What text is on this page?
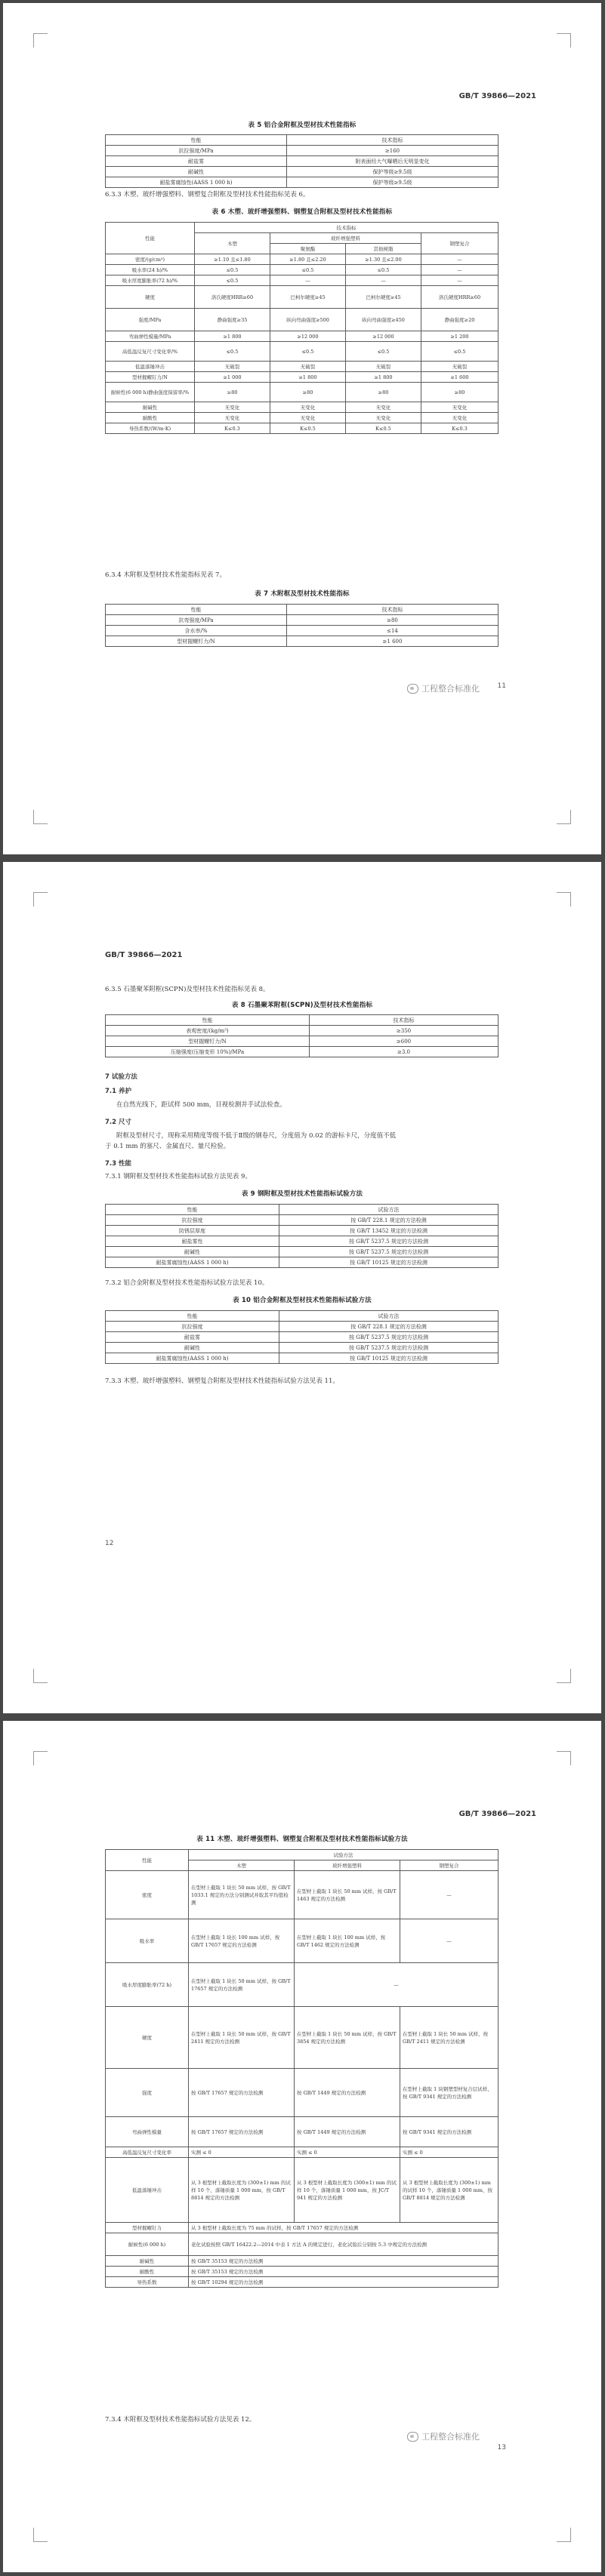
GB/T 39866—2021
表 5 铝合金附框及型材技术性能指标
性能	技术指标
抗拉强度/MPa	≥160
耐盐雾	附表面经大气曝晒后无明显变化
耐碱性	保护等级≥9.5级
耐盐雾腐蚀性(AASS 1 000 h)	保护等级≥9.5级
6.3.3 木塑、玻纤增强塑料、钢塑复合附框及型材技术性能指标见表 6。
表 6 木塑、玻纤增强塑料、钢塑复合附框及型材技术性能指标
性能	技术指标			
	木塑	玻纤增强塑料		钢塑复合
		聚氨酯	其他树脂	
密度/(g/cm³)	≥1.10 且≤1.80	≥1.80 且≤2.20	≥1.30 且≤2.00	—
吸水率(24 h)/%	≤0.5	≤0.5	≤0.5	—
吸水厚度膨胀率(72 h)/%	≤0.5	—	—	—
硬度	洛氏硬度HRR≥60	巴柯尔硬度≥45	巴柯尔硬度≥45	洛氏硬度HRR≥60
强度/MPa	静曲强度≥35	纵向弯曲强度≥500	纵向弯曲强度≥450	静曲强度≥20
弯曲弹性模量/MPa	≥1 800	≥12 000	≥12 000	≥1 200
高低温反复尺寸变化率/%	≤0.5	≤0.5	≤0.5	≤0.5
低温落锤冲击	无破裂	无破裂	无破裂	无破裂
型材握螺钉力/N	≥1 000	≥1 800	≥1 800	≥1 600
耐候性(6 000 h)静曲强度保留率/%	≥80	≥80	≥80	≥80
耐碱性	无变化	无变化	无变化	无变化
耐酸性	无变化	无变化	无变化	无变化
导热系数/(W/m·K)	K≤0.3	K≤0.5	K≤0.5	K≤0.3
6.3.4 木附框及型材技术性能指标见表 7。
表 7 木附框及型材技术性能指标
性能	技术指标
抗弯强度/MPa	≥80
含水率/%	≤14
型材握螺钉力/N	≥1 600
工程整合标准化	11
GB/T 39866—2021
6.3.5 石墨聚苯附框(SCPN)及型材技术性能指标见表 8。
表 8 石墨聚苯附框(SCPN)及型材技术性能指标
性能	技术指标
表观密度/(kg/m³)	≥350
型材握螺钉力/N	≥600
压缩强度(压缩变形 10%)/MPa	≥3.0
7 试验方法
7.1 养护
在自然光线下，距试样 500 mm，目视检测并手试法检查。
7.2 尺寸
附框及型材尺寸，现称采用精度等级不低于Ⅱ级的钢卷尺，分度值为 0.02 的游标卡尺，分度值不低
于 0.1 mm 的塞尺、金属直尺、量尺检验。
7.3 性能
7.3.1 钢附框及型材技术性能指标试验方法见表 9。
表 9 钢附框及型材技术性能指标试验方法
性能	试验方法
抗拉强度	按 GB/T 228.1 规定的方法检测
防锈层厚度	按 GB/T 13452 规定的方法检测
耐盐雾性	按 GB/T 5237.5 规定的方法检测
耐碱性	按 GB/T 5237.5 规定的方法检测
耐盐雾腐蚀性(AASS 1 000 h)	按 GB/T 10125 规定的方法检测
7.3.2 铝合金附框及型材技术性能指标试验方法见表 10。
表 10 铝合金附框及型材技术性能指标试验方法
性能	试验方法
抗拉强度	按 GB/T 228.1 规定的方法检测
耐盐雾	按 GB/T 5237.5 规定的方法检测
耐碱性	按 GB/T 5237.5 规定的方法检测
耐盐雾腐蚀性(AASS 1 000 h)	按 GB/T 10125 规定的方法检测
7.3.3 木塑、玻纤增强塑料、钢塑复合附框及型材技术性能指标试验方法见表 11。
12
GB/T 39866—2021
表 11 木塑、玻纤增强塑料、钢塑复合附框及型材技术性能指标试验方法
性能	试验方法		
	木塑	玻纤增强塑料	钢塑复合
密度	在型材上截取 1 块长 50 mm 试样，按 GB/T 1033.1 规定的方法分别测试并取其平均值检测	在型材上截取 1 块长 50 mm 试样，按 GB/T 1463 规定的方法检测	—
吸水率	在型材上截取 1 块长 100 mm 试样，按 GB/T 17657 规定的方法检测	在型材上截取 1 块长 100 mm 试样，按 GB/T 1462 规定的方法检测	—
吸水厚度膨胀率(72 h)	在型材上截取 1 块长 50 mm 试样，按 GB/T 17657 规定的方法检测	—	
硬度	在型材上截取 1 块长 50 mm 试样，按 GB/T 2411 规定的方法检测	在型材上截取 1 块长 50 mm 试样，按 GB/T 3854 规定的方法检测	在型材上截取 1 块长 50 mm 试样，按 GB/T 2411 规定的方法检测
强度	按 GB/T 17657 规定的方法检测	按 GB/T 1449 规定的方法检测	在型材上截取 1 块钢塑型材复合层试样，按 GB/T 9341 规定的方法检测
弯曲弹性模量	按 GB/T 17657 规定的方法检测	按 GB/T 1449 规定的方法检测	按 GB/T 9341 规定的方法检测
高低温反复尺寸变化率	实测 ≤ 0	实测 ≤ 0	实测 ≤ 0
低温落锤冲击	从 3 根型材上截取长度为 (300±1) mm 的试样 10 个，落锤质量 1 000 mm，按 GB/T 8814 规定的方法检测	从 3 根型材上截取长度为 (300±1) mm 的试样 10 个，落锤质量 1 000 mm，按 JC/T 941 规定的方法检测	从 3 根型材上截取长度为 (300±1) mm 的试样 10 个，落锤质量 1 000 mm，按 GB/T 8814 规定的方法检测
型材握螺钉力	从 3 根型材上截取长度为 75 mm 的试样，按 GB/T 17657 规定的方法检测		
耐候性(6 000 h)	老化试验按照 GB/T 16422.2—2014 中表 1 方法 A 的规定进行，老化试验后分别按 5.3 中规定的方法检测		
耐碱性	按 GB/T 35153 规定的方法检测		
耐酸性	按 GB/T 35153 规定的方法检测		
导热系数	按 GB/T 10294 规定的方法检测		
7.3.4 木附框及型材技术性能指标试验方法见表 12。
工程整合标准化
13
